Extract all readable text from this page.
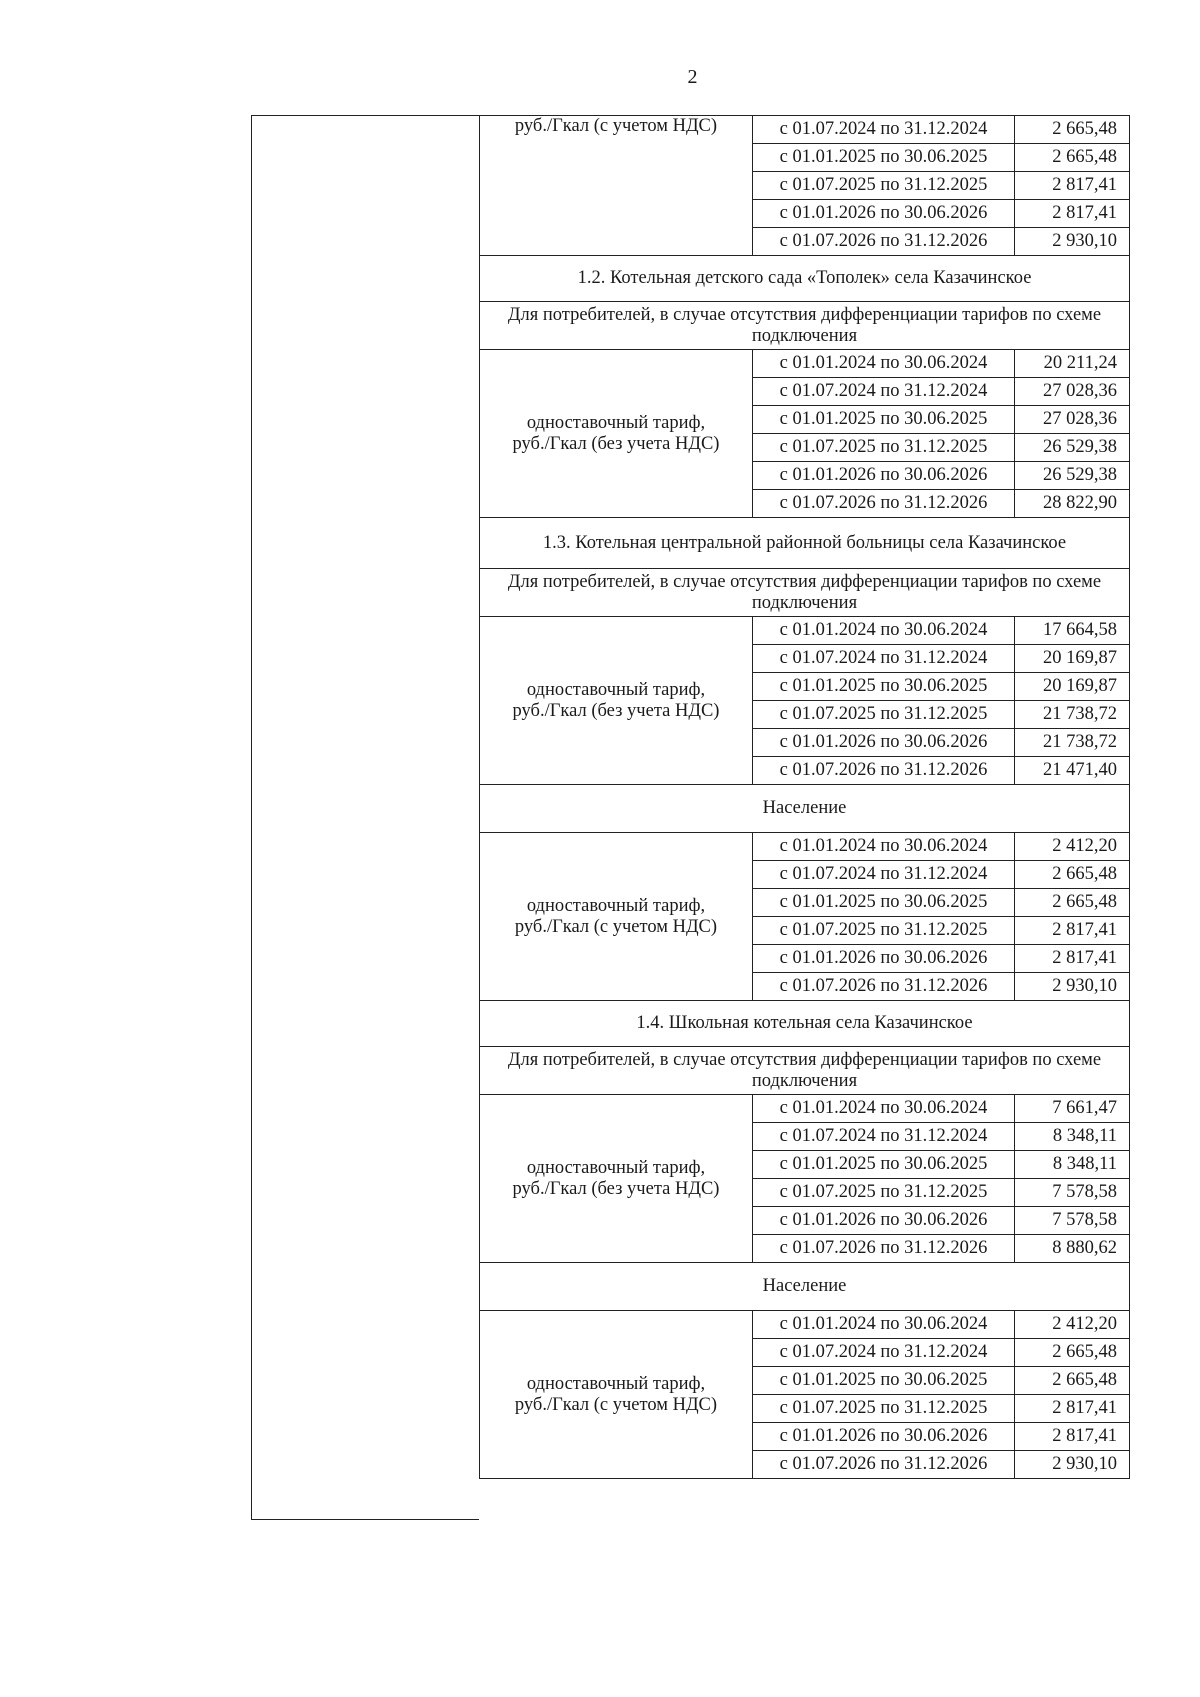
2
руб./Гкал (с учетом НДС)	с 01.07.2024 по 31.12.2024	2 665,48
	с 01.01.2025 по 30.06.2025	2 665,48
	с 01.07.2025 по 31.12.2025	2 817,41
	с 01.01.2026 по 30.06.2026	2 817,41
	с 01.07.2026 по 31.12.2026	2 930,10
1.2. Котельная детского сада «Тополек» села Казачинское		
Для потребителей, в случае отсутствия дифференциации тарифов по схеме подключения		
одноставочный тариф,
руб./Гкал (без учета НДС)	с 01.01.2024 по 30.06.2024	20 211,24
	с 01.07.2024 по 31.12.2024	27 028,36
	с 01.01.2025 по 30.06.2025	27 028,36
	с 01.07.2025 по 31.12.2025	26 529,38
	с 01.01.2026 по 30.06.2026	26 529,38
	с 01.07.2026 по 31.12.2026	28 822,90
1.3. Котельная центральной районной больницы села Казачинское		
Для потребителей, в случае отсутствия дифференциации тарифов по схеме подключения		
одноставочный тариф,
руб./Гкал (без учета НДС)	с 01.01.2024 по 30.06.2024	17 664,58
	с 01.07.2024 по 31.12.2024	20 169,87
	с 01.01.2025 по 30.06.2025	20 169,87
	с 01.07.2025 по 31.12.2025	21 738,72
	с 01.01.2026 по 30.06.2026	21 738,72
	с 01.07.2026 по 31.12.2026	21 471,40
Население		
одноставочный тариф,
руб./Гкал (с учетом НДС)	с 01.01.2024 по 30.06.2024	2 412,20
	с 01.07.2024 по 31.12.2024	2 665,48
	с 01.01.2025 по 30.06.2025	2 665,48
	с 01.07.2025 по 31.12.2025	2 817,41
	с 01.01.2026 по 30.06.2026	2 817,41
	с 01.07.2026 по 31.12.2026	2 930,10
1.4. Школьная котельная села Казачинское		
Для потребителей, в случае отсутствия дифференциации тарифов по схеме подключения		
одноставочный тариф,
руб./Гкал (без учета НДС)	с 01.01.2024 по 30.06.2024	7 661,47
	с 01.07.2024 по 31.12.2024	8 348,11
	с 01.01.2025 по 30.06.2025	8 348,11
	с 01.07.2025 по 31.12.2025	7 578,58
	с 01.01.2026 по 30.06.2026	7 578,58
	с 01.07.2026 по 31.12.2026	8 880,62
Население		
одноставочный тариф,
руб./Гкал (с учетом НДС)	с 01.01.2024 по 30.06.2024	2 412,20
	с 01.07.2024 по 31.12.2024	2 665,48
	с 01.01.2025 по 30.06.2025	2 665,48
	с 01.07.2025 по 31.12.2025	2 817,41
	с 01.01.2026 по 30.06.2026	2 817,41
	с 01.07.2026 по 31.12.2026	2 930,10
